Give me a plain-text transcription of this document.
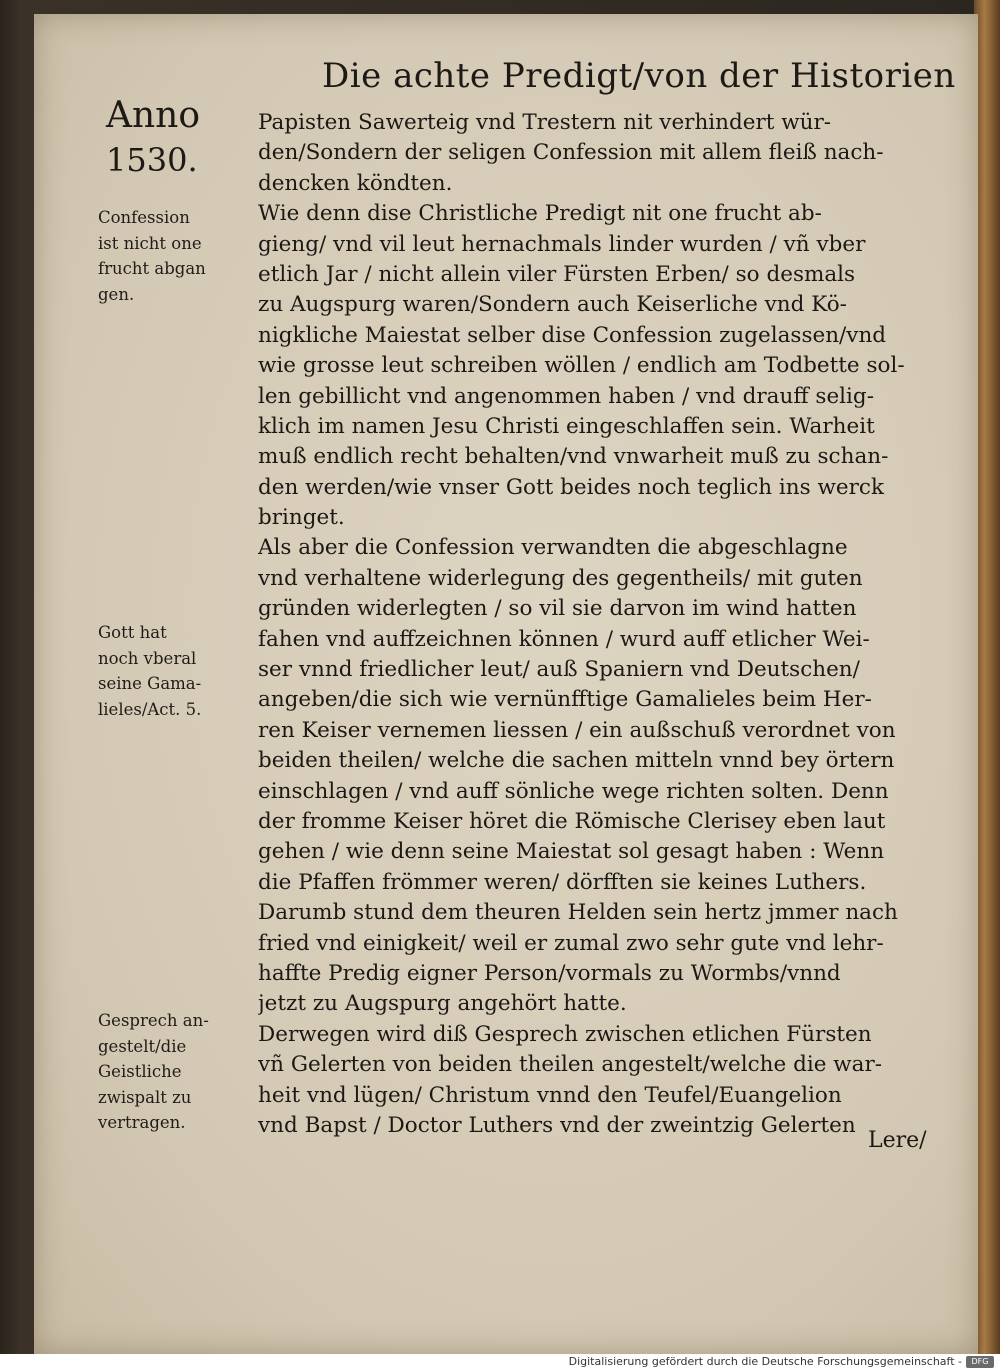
Die achte Predigt/von der Historien
Anno
1530.
Confession
ist nicht one
frucht abgan
gen.
Gott hat
noch vberal
seine Gama-
lieles/Act. 5.
Gesprech an-
gestelt/die
Geistliche
zwispalt zu
vertragen.
Papisten Sawerteig vnd Trestern nit verhindert wür-
den/Sondern der seligen Confession mit allem fleiß nach-
dencken köndten.
Wie denn dise Christliche Predigt nit one frucht ab-
gieng/ vnd vil leut hernachmals linder wurden / vñ vber
etlich Jar / nicht allein viler Fürsten Erben/ so desmals
zu Augspurg waren/Sondern auch Keiserliche vnd Kö-
nigkliche Maiestat selber dise Confession zugelassen/vnd
wie grosse leut schreiben wöllen / endlich am Todbette sol-
len gebillicht vnd angenommen haben / vnd drauff selig-
klich im namen Jesu Christi eingeschlaffen sein. Warheit
muß endlich recht behalten/vnd vnwarheit muß zu schan-
den werden/wie vnser Gott beides noch teglich ins werck
bringet.
Als aber die Confession verwandten die abgeschlagne
vnd verhaltene widerlegung des gegentheils/ mit guten
gründen widerlegten / so vil sie darvon im wind hatten
fahen vnd auffzeichnen können / wurd auff etlicher Wei-
ser vnnd friedlicher leut/ auß Spaniern vnd Deutschen/
angeben/die sich wie vernünfftige Gamalieles beim Her-
ren Keiser vernemen liessen / ein außschuß verordnet von
beiden theilen/ welche die sachen mitteln vnnd bey örtern
einschlagen / vnd auff sönliche wege richten solten. Denn
der fromme Keiser höret die Römische Clerisey eben laut
gehen / wie denn seine Maiestat sol gesagt haben : Wenn
die Pfaffen frömmer weren/ dörfften sie keines Luthers.
Darumb stund dem theuren Helden sein hertz jmmer nach
fried vnd einigkeit/ weil er zumal zwo sehr gute vnd lehr-
haffte Predig eigner Person/vormals zu Wormbs/vnnd
jetzt zu Augspurg angehört hatte.
Derwegen wird diß Gesprech zwischen etlichen Fürsten
vñ Gelerten von beiden theilen angestelt/welche die war-
heit vnd lügen/ Christum vnnd den Teufel/Euangelion
vnd Bapst / Doctor Luthers vnd der zweintzig Gelerten
Lere/
Digitalisierung gefördert durch die Deutsche Forschungsgemeinschaft -	DFG
